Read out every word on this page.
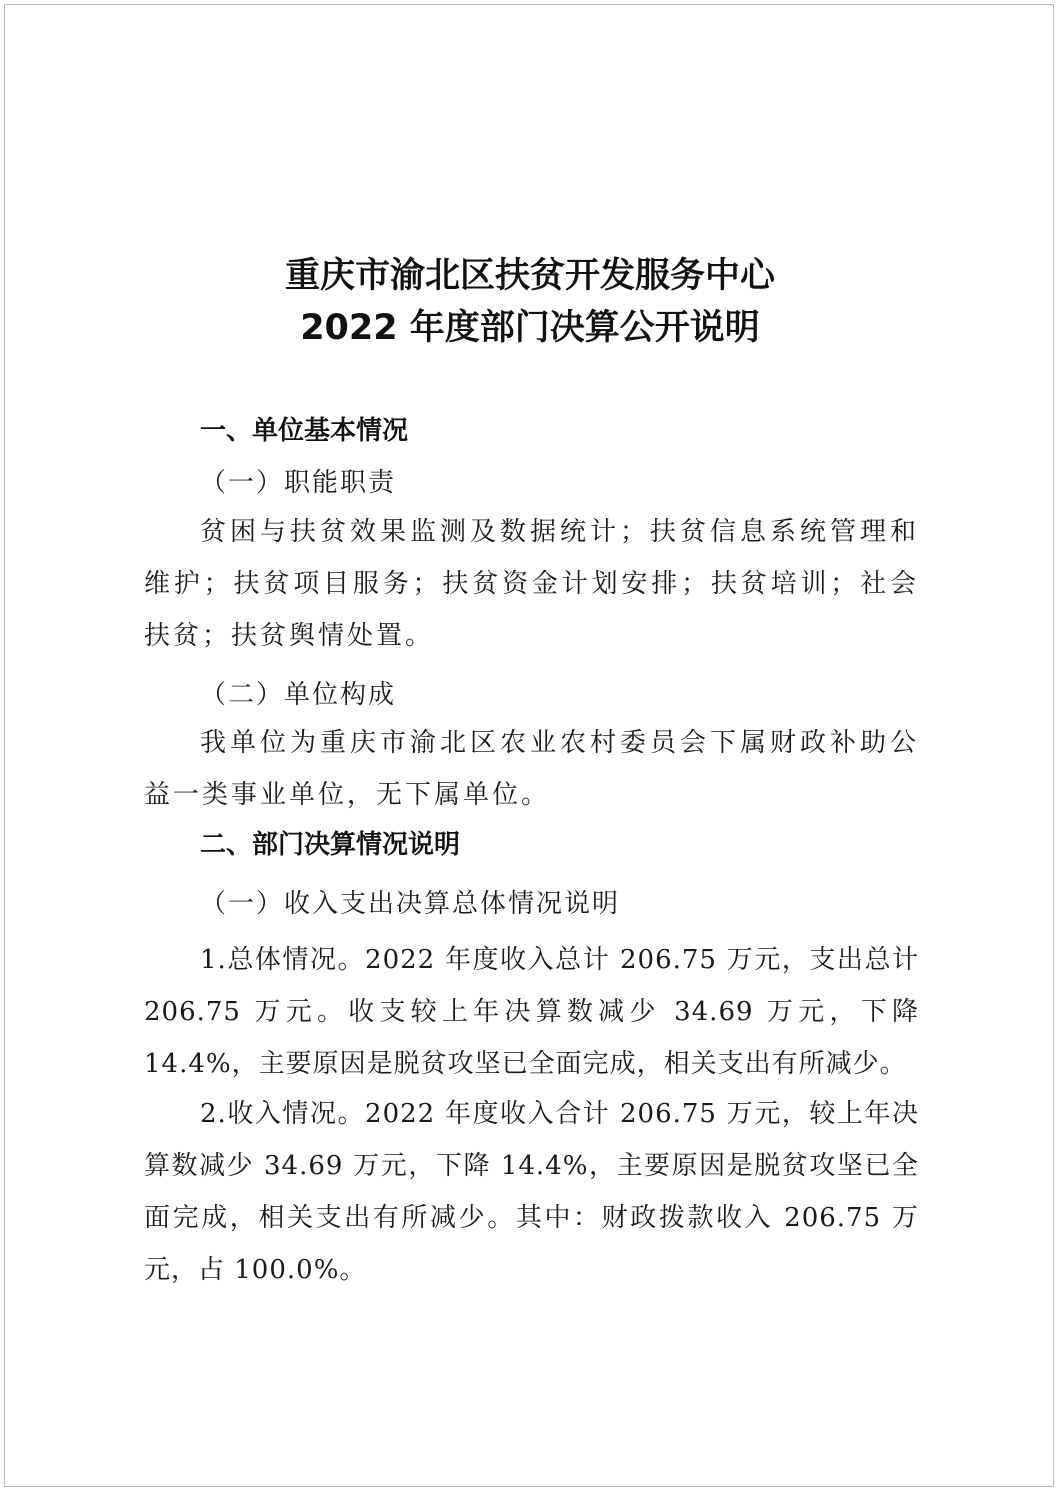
重庆市渝北区扶贫开发服务中心
2022 年度部门决算公开说明
一、单位基本情况
（一）职能职责
贫困与扶贫效果监测及数据统计；扶贫信息系统管理和维护；扶贫项目服务；扶贫资金计划安排；扶贫培训；社会扶贫；扶贫舆情处置。
（二）单位构成
我单位为重庆市渝北区农业农村委员会下属财政补助公益一类事业单位，无下属单位。
二、部门决算情况说明
（一）收入支出决算总体情况说明
1.总体情况。2022 年度收入总计 206.75 万元，支出总计 206.75 万元。收支较上年决算数减少 34.69 万元，下降 14.4%，主要原因是脱贫攻坚已全面完成，相关支出有所减少。
2.收入情况。2022 年度收入合计 206.75 万元，较上年决算数减少 34.69 万元，下降 14.4%，主要原因是脱贫攻坚已全面完成，相关支出有所减少。其中：财政拨款收入 206.75 万元，占 100.0%。
